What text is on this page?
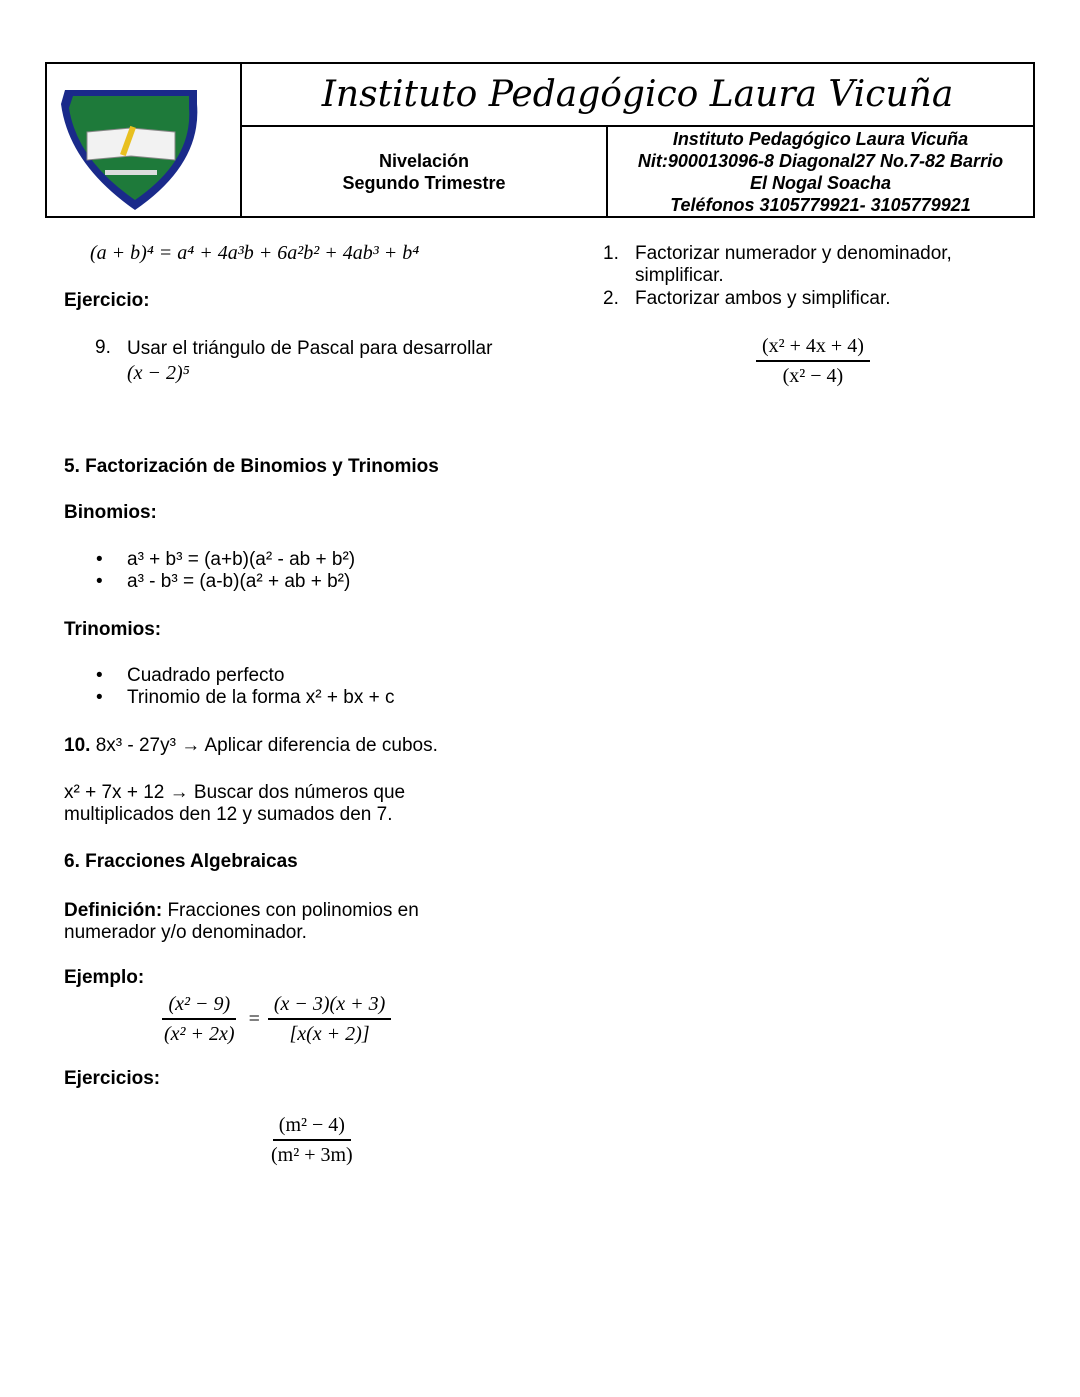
Instituto Pedagógico Laura Vicuña
Nivelación
Segundo Trimestre
Instituto Pedagógico Laura Vicuña
Nit:900013096-8 Diagonal27 No.7-82 Barrio
El Nogal Soacha
Teléfonos 3105779921- 3105779921
(a + b)⁴ = a⁴ + 4a³b + 6a²b² + 4ab³ + b⁴
Ejercicio:
9. Usar el triángulo de Pascal para desarrollar
(x − 2)⁵
5. Factorización de Binomios y Trinomios
Binomios:
• a³ + b³ = (a+b)(a² - ab + b²)
• a³ - b³ = (a-b)(a² + ab + b²)
Trinomios:
• Cuadrado perfecto
• Trinomio de la forma x² + bx + c
10. 8x³ - 27y³ → Aplicar diferencia de cubos.
x² + 7x + 12 → Buscar dos números que
multiplicados den 12 y sumados den 7.
6. Fracciones Algebraicas
Definición: Fracciones con polinomios en
numerador y/o denominador.
Ejemplo:
$\frac{\text{(x² − 9)}}{\text{(x² + 2x)}} = \frac{(x - 3)(x + 3)}{[x(x + 2)]}$
Ejercicios:
$\frac{\text{(m² − 4)}}{\text{(m² + 3m)}}$
1. Factorizar numerador y denominador,
simplificar.
2. Factorizar ambos y simplificar.
$\frac{\text{(x² + 4x + 4)}}{\text{(x² − 4)}}$
